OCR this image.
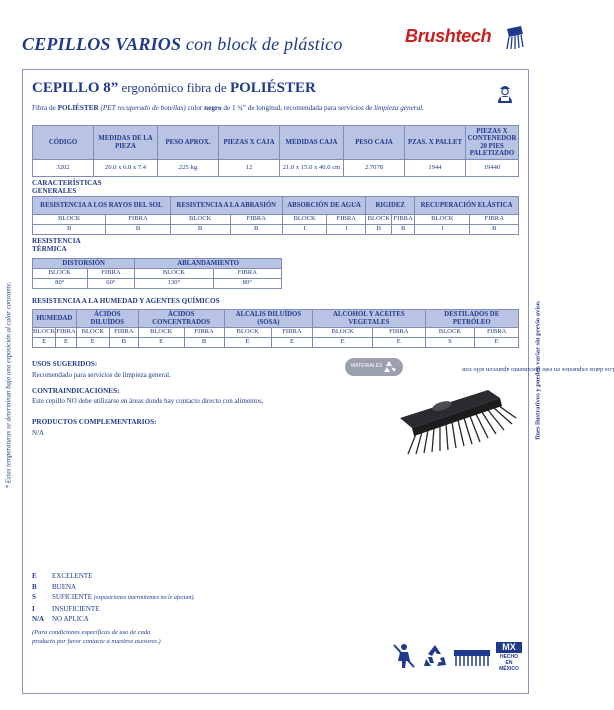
CEPILLOS VARIOS con block de plástico	Brushtech
* Estas temperaturas se determinan bajo una exposición al calor constante.	Los datos expuestos en este documento aparecen sólo con
fines ilustrativos y pueden variar sin previo aviso.
CEPILLO 8” ergonómico fibra de POLIÉSTER
Fibra de POLIÉSTER (PET recuperado de botellas) color negro de 1 ¾” de longitud, recomendada para servicios de limpieza general.
CÓDIGO	MEDIDAS DE LA PIEZA	PESO APROX.	PIEZAS X CAJA	MEDIDAS CAJA	PESO CAJA	PZAS. X PALLET	PIEZAS X CONTENEDOR 20 PIES PALETIZADO
3202	20.0 x 6.8 x 7.4	.225 kg.	12	21.0 x 15.0 x 40.0 cm	2.7078	1944	19440
CARACTERÍSTICAS GENERALES
RESISTENCIA A LOS RAYOS DEL SOL		RESISTENCIA A LA ABRASIÓN		ABSORCIÓN DE AGUA		RIGIDEZ		RECUPERACIÓN ELÁSTICA	
BLOCK	FIBRA	BLOCK	FIBRA	BLOCK	FIBRA	BLOCK	FIBRA	BLOCK	FIBRA
B	B	B	B	I	I	B	B	I	B
RESISTENCIA TÉRMICA
DISTORSIÓN		ABLANDAMIENTO	
BLOCK	FIBRA	BLOCK	FIBRA
80°	60°	130°	80°
RESISTENCIA A LA HUMEDAD Y AGENTES QUÍMICOS
HUMEDAD		ÁCIDOS DILUÍDOS		ÁCIDOS CONCENTRADOS		ALCALIS DILUÍDOS (SOSA)		ALCOHOL Y ACEITES VEGETALES		DESTILADOS DE PETRÓLEO	
BLOCK	FIBRA	BLOCK	FIBRA	BLOCK	FIBRA	BLOCK	FIBRA	BLOCK	FIBRA	BLOCK	FIBRA
E	E	E	B	E	B	E	E	E	E	S	E
USOS SUGERIDOS:
Recomendado para servicios de limpieza general.
CONTRAINDICACIONES:
Este cepillo NO debe utilizarse en áreas donde hay contacto directo con alimentos.
PRODUCTOS COMPLEMENTARIOS:
N/A
MATERIALES
E EXCELENTE
B BUENA
S SUFICIENTE (exposiciones intermitentes no le afectan).
I INSUFICIENTE
N/A NO APLICA
(Para condiciones específicas de uso de cada
producto por favor contacte a nuestros asesores.)
MX
HECHO EN MÉXICO
